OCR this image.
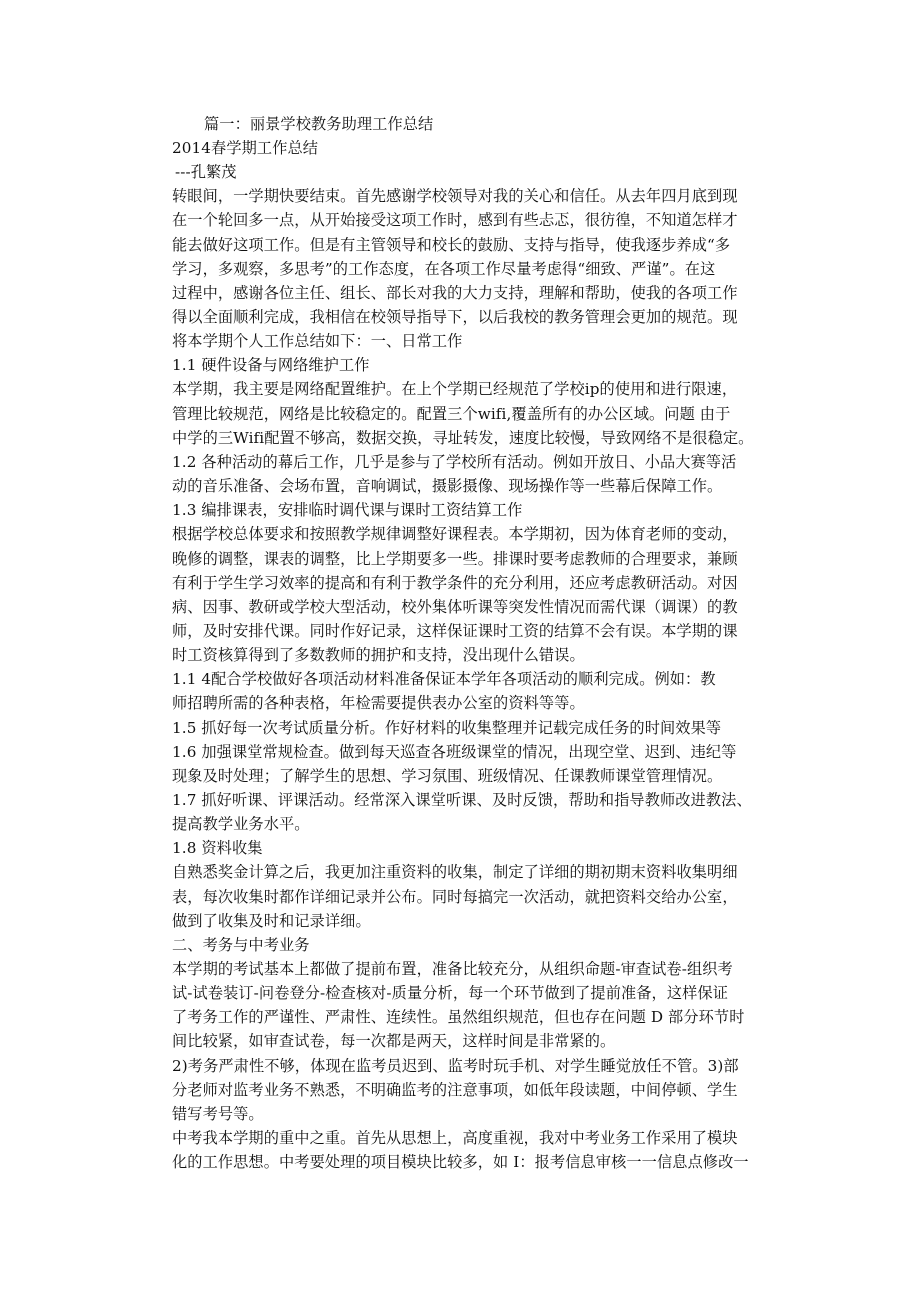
篇一：丽景学校教务助理工作总结

2014春学期工作总结

---孔繁茂

转眼间，一学期快要结束。首先感谢学校领导对我的关心和信任。从去年四月底到现

在一个轮回多一点，从开始接受这项工作时，感到有些忐忑，很彷徨，不知道怎样才

能去做好这项工作。但是有主管领导和校长的鼓励、支持与指导，使我逐步养成“多

学习，多观察，多思考”的工作态度，在各项工作尽量考虑得“细致、严谨”。在这

过程中，感谢各位主任、组长、部长对我的大力支持，理解和帮助，使我的各项工作

得以全面顺利完成，我相信在校领导指导下，以后我校的教务管理会更加的规范。现

将本学期个人工作总结如下：一、日常工作

1.1 硬件设备与网络维护工作

本学期，我主要是网络配置维护。在上个学期已经规范了学校ip的使用和进行限速，

管理比较规范，网络是比较稳定的。配置三个wifi,覆盖所有的办公区域。问题 由于

中学的三Wifi配置不够高，数据交换，寻址转发，速度比较慢，导致网络不是很稳定。

1.2 各种活动的幕后工作，几乎是参与了学校所有活动。例如开放日、小品大赛等活

动的音乐准备、会场布置，音响调试，摄影摄像、现场操作等一些幕后保障工作。

1.3 编排课表，安排临时调代课与课时工资结算工作

根据学校总体要求和按照教学规律调整好课程表。本学期初，因为体育老师的变动，

晚修的调整，课表的调整，比上学期要多一些。排课时要考虑教师的合理要求，兼顾

有利于学生学习效率的提高和有利于教学条件的充分利用，还应考虑教研活动。对因

病、因事、教研或学校大型活动，校外集体听课等突发性情况而需代课（调课）的教

师，及时安排代课。同时作好记录，这样保证课时工资的结算不会有误。本学期的课

时工资核算得到了多数教师的拥护和支持，没出现什么错误。

1.1 4配合学校做好各项活动材料准备保证本学年各项活动的顺利完成。例如：教

师招聘所需的各种表格，年检需要提供表办公室的资料等等。

1.5 抓好每一次考试质量分析。作好材料的收集整理并记载完成任务的时间效果等

1.6 加强课堂常规检查。做到每天巡查各班级课堂的情况，出现空堂、迟到、违纪等

现象及时处理；了解学生的思想、学习氛围、班级情况、任课教师课堂管理情况。

1.7 抓好听课、评课活动。经常深入课堂听课、及时反馈，帮助和指导教师改进教法、

提高教学业务水平。

1.8 资料收集

自熟悉奖金计算之后，我更加注重资料的收集，制定了详细的期初期末资料收集明细

表，每次收集时都作详细记录并公布。同时每搞完一次活动，就把资料交给办公室，

做到了收集及时和记录详细。

二、考务与中考业务

本学期的考试基本上都做了提前布置，准备比较充分，从组织命题-审查试卷-组织考

试-试卷装订-问卷登分-检查核对-质量分析，每一个环节做到了提前准备，这样保证

了考务工作的严谨性、严肃性、连续性。虽然组织规范，但也存在问题 D 部分环节时

间比较紧，如审查试卷，每一次都是两天，这样时间是非常紧的。

2)考务严肃性不够，体现在监考员迟到、监考时玩手机、对学生睡觉放任不管。3)部

分老师对监考业务不熟悉，不明确监考的注意事项，如低年段读题，中间停顿、学生

错写考号等。

中考我本学期的重中之重。首先从思想上，高度重视，我对中考业务工作采用了模块

化的工作思想。中考要处理的项目模块比较多，如 I：报考信息审核一一信息点修改一
